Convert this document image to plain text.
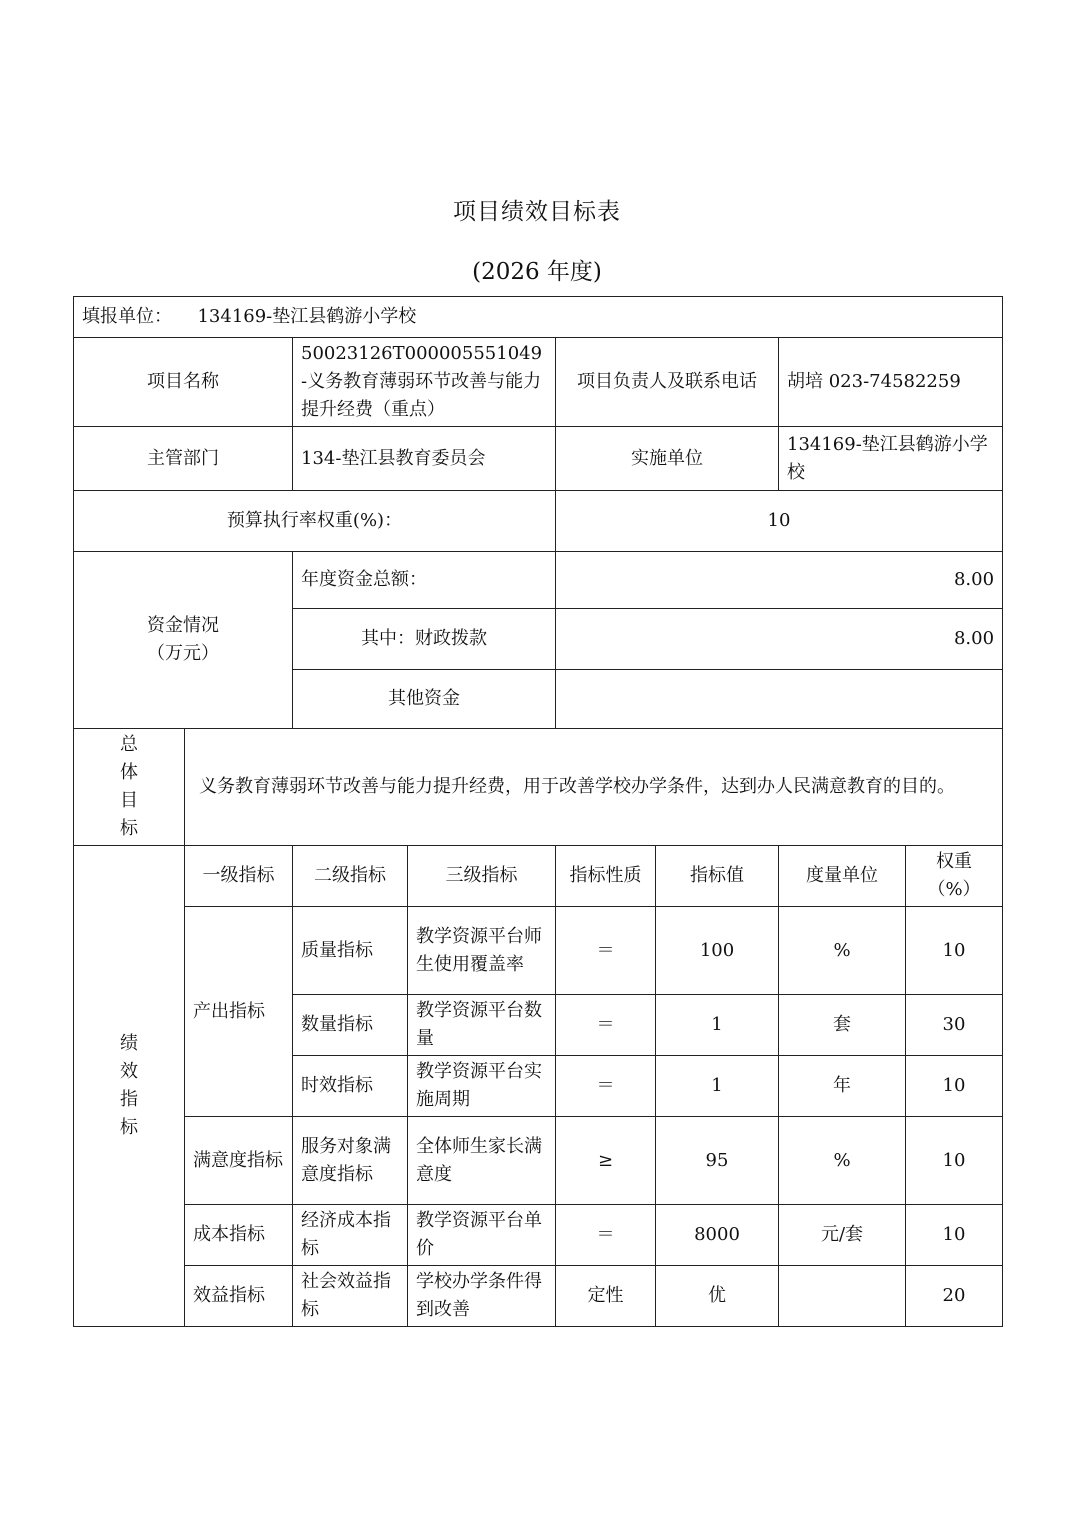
项目绩效目标表
(2026 年度)
填报单位： 134169-垫江县鹤游小学校							
项目名称		50023126T000005551049-义务教育薄弱环节改善与能力提升经费（重点）		项目负责人及联系电话		胡培 023-74582259	
主管部门		134-垫江县教育委员会		实施单位		134169-垫江县鹤游小学校	
预算执行率权重(%)：				10			

资金情况
（万元）		年度资金总额：		8.00			
		其中：财政拨款		8.00			
		其他资金					

总
体
目
标	义务教育薄弱环节改善与能力提升经费，用于改善学校办学条件，达到办人民满意教育的目的。						

绩
效
指
标	一级指标	二级指标	三级指标	指标性质	指标值	度量单位	权重（%）
	产出指标	质量指标	教学资源平台师生使用覆盖率	＝	100	%	10
		数量指标	教学资源平台数量	＝	1	套	30
		时效指标	教学资源平台实施周期	＝	1	年	10
	满意度指标	服务对象满意度指标	全体师生家长满意度	≥	95	%	10
	成本指标	经济成本指标	教学资源平台单价	＝	8000	元/套	10
	效益指标	社会效益指标	学校办学条件得到改善	定性	优		20
